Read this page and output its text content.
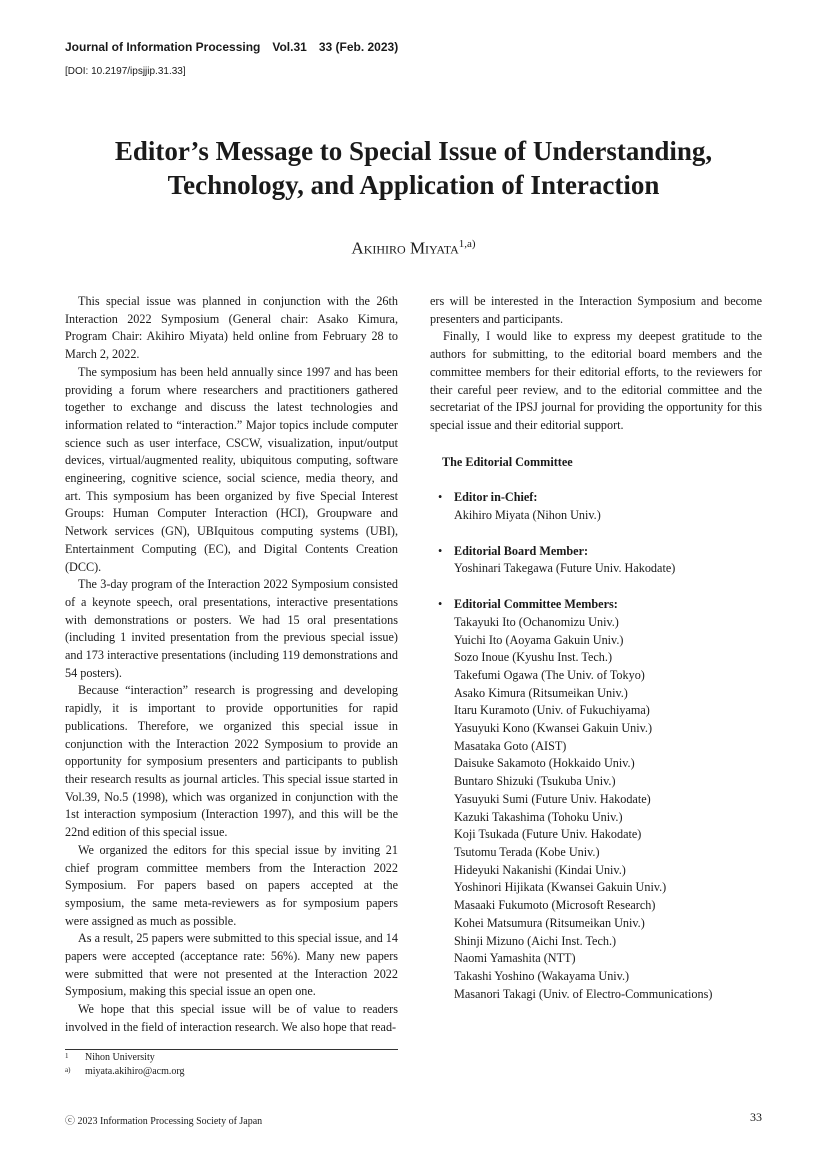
Journal of Information Processing Vol.31 33 (Feb. 2023)
[DOI: 10.2197/ipsjjip.31.33]
Editor’s Message to Special Issue of Understanding, Technology, and Application of Interaction
Akihiro Miyata$^{1,a)}$

This special issue was planned in conjunction with the 26th Interaction 2022 Symposium (General chair: Asako Kimura, Program Chair: Akihiro Miyata) held online from February 28 to March 2, 2022.

The symposium has been held annually since 1997 and has been providing a forum where researchers and practitioners gathered together to exchange and discuss the latest technologies and information related to “interaction.” Major topics include computer science such as user interface, CSCW, visualization, input/output devices, virtual/augmented reality, ubiquitous computing, software engineering, cognitive science, social science, media theory, and art. This symposium has been organized by five Special Interest Groups: Human Computer Interaction (HCI), Groupware and Network services (GN), UBIquitous computing systems (UBI), Entertainment Computing (EC), and Digital Contents Creation (DCC).

The 3-day program of the Interaction 2022 Symposium consisted of a keynote speech, oral presentations, interactive presentations with demonstrations or posters. We had 15 oral presentations (including 1 invited presentation from the previous special issue) and 173 interactive presentations (including 119 demonstrations and 54 posters).

Because “interaction” research is progressing and developing rapidly, it is important to provide opportunities for rapid publications. Therefore, we organized this special issue in conjunction with the Interaction 2022 Symposium to provide an opportunity for symposium presenters and participants to publish their research results as journal articles. This special issue started in Vol.39, No.5 (1998), which was organized in conjunction with the 1st interaction symposium (Interaction 1997), and this will be the 22nd edition of this special issue.

We organized the editors for this special issue by inviting 21 chief program committee members from the Interaction 2022 Symposium. For papers based on papers accepted at the symposium, the same meta-reviewers as for symposium papers were assigned as much as possible.

As a result, 25 papers were submitted to this special issue, and 14 papers were accepted (acceptance rate: 56%). Many new papers were submitted that were not presented at the Interaction 2022 Symposium, making this special issue an open one.

We hope that this special issue will be of value to readers involved in the field of interaction research. We also hope that read-

ers will be interested in the Interaction Symposium and become presenters and participants.

Finally, I would like to express my deepest gratitude to the authors for submitting, to the editorial board members and the committee members for their editorial efforts, to the reviewers for their careful peer review, and to the editorial committee and the secretariat of the IPSJ journal for providing the opportunity for this special issue and their editorial support.

The Editorial Committee
• Editor in-Chief:
Akihiro Miyata (Nihon Univ.)
• Editorial Board Member:
Yoshinari Takegawa (Future Univ. Hakodate)
• Editorial Committee Members:
Takayuki Ito (Ochanomizu Univ.)
Yuichi Ito (Aoyama Gakuin Univ.)
Sozo Inoue (Kyushu Inst. Tech.)
Takefumi Ogawa (The Univ. of Tokyo)
Asako Kimura (Ritsumeikan Univ.)
Itaru Kuramoto (Univ. of Fukuchiyama)
Yasuyuki Kono (Kwansei Gakuin Univ.)
Masataka Goto (AIST)
Daisuke Sakamoto (Hokkaido Univ.)
Buntaro Shizuki (Tsukuba Univ.)
Yasuyuki Sumi (Future Univ. Hakodate)
Kazuki Takashima (Tohoku Univ.)
Koji Tsukada (Future Univ. Hakodate)
Tsutomu Terada (Kobe Univ.)
Hideyuki Nakanishi (Kindai Univ.)
Yoshinori Hijikata (Kwansei Gakuin Univ.)
Masaaki Fukumoto (Microsoft Research)
Kohei Matsumura (Ritsumeikan Univ.)
Shinji Mizuno (Aichi Inst. Tech.)
Naomi Yamashita (NTT)
Takashi Yoshino (Wakayama Univ.)
Masanori Takagi (Univ. of Electro-Communications)
1 Nihon University
a) miyata.akihiro@acm.org
ⓒ 2023 Information Processing Society of Japan	33
